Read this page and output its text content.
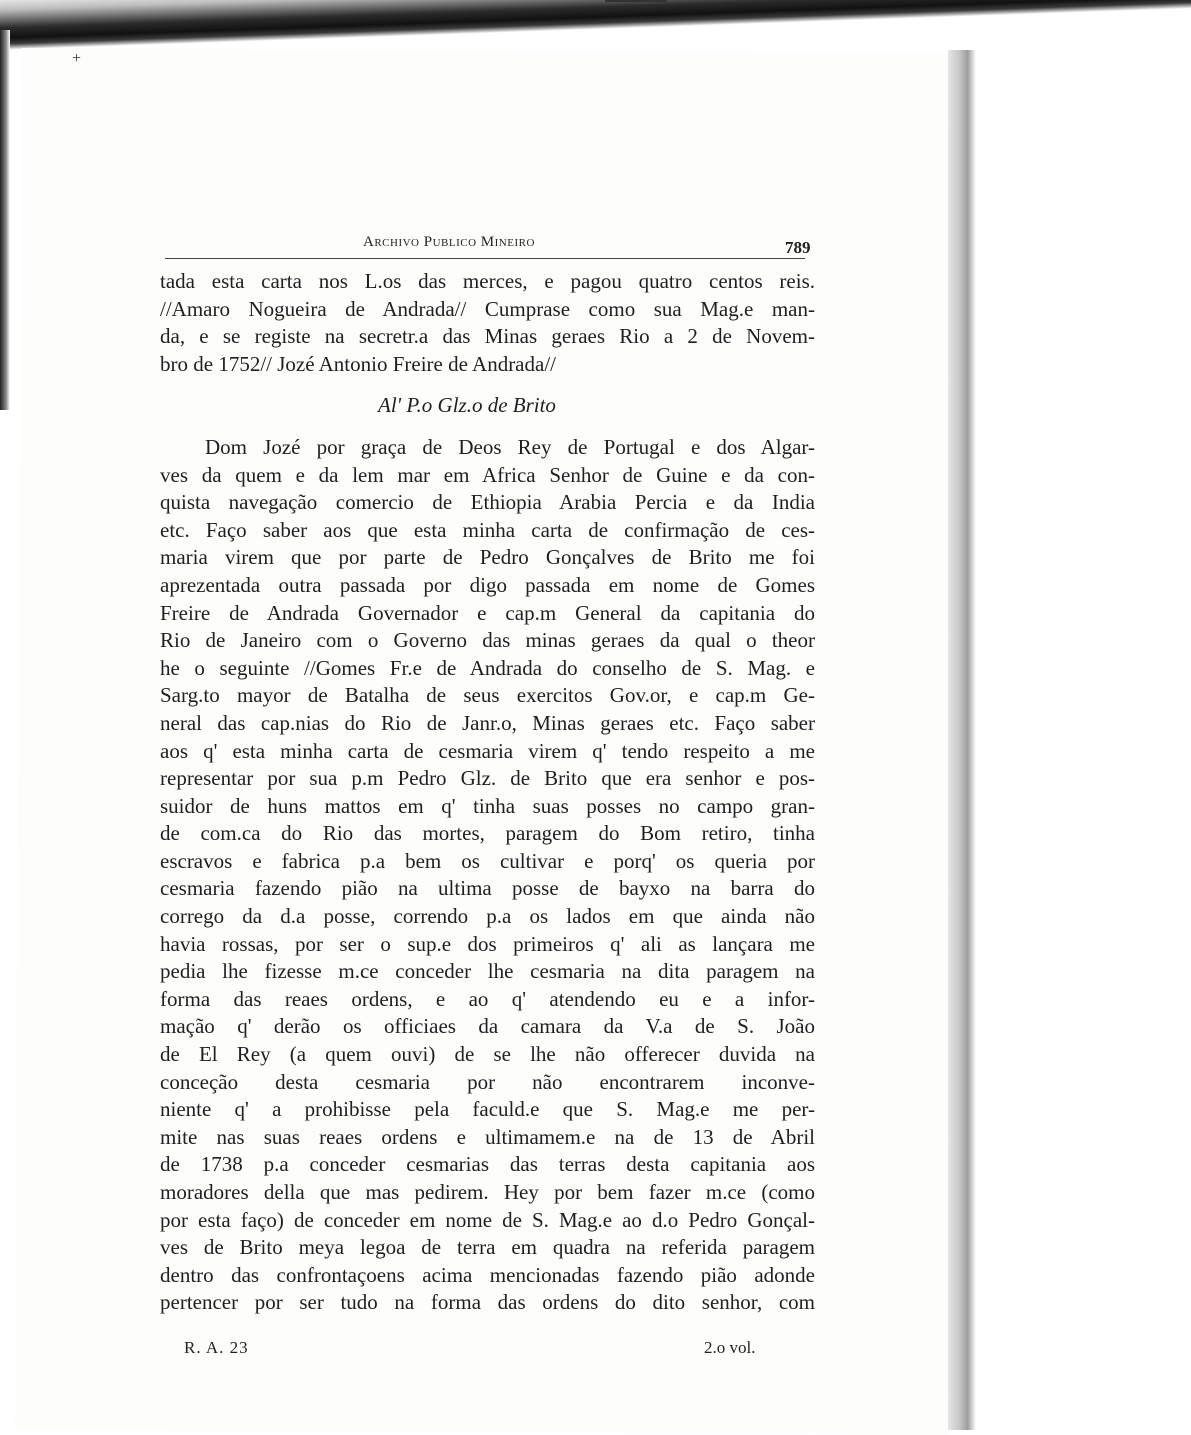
+
Archivo Publico Mineiro	789
tada esta carta nos L.os das merces, e pagou quatro centos reis.
//Amaro Nogueira de Andrada// Cumprase como sua Mag.e man-
da, e se registe na secretr.a das Minas geraes Rio a 2 de Novem-
bro de 1752// Jozé Antonio Freire de Andrada//
Al' P.o Glz.o de Brito
Dom Jozé por graça de Deos Rey de Portugal e dos Algar-
ves da quem e da lem mar em Africa Senhor de Guine e da con-
quista navegação comercio de Ethiopia Arabia Percia e da India
etc. Faço saber aos que esta minha carta de confirmação de ces-
maria virem que por parte de Pedro Gonçalves de Brito me foi
aprezentada outra passada por digo passada em nome de Gomes
Freire de Andrada Governador e cap.m General da capitania do
Rio de Janeiro com o Governo das minas geraes da qual o theor
he o seguinte //Gomes Fr.e de Andrada do conselho de S. Mag. e
Sarg.to mayor de Batalha de seus exercitos Gov.or, e cap.m Ge-
neral das cap.nias do Rio de Janr.o, Minas geraes etc. Faço saber
aos q' esta minha carta de cesmaria virem q' tendo respeito a me
representar por sua p.m Pedro Glz. de Brito que era senhor e pos-
suidor de huns mattos em q' tinha suas posses no campo gran-
de com.ca do Rio das mortes, paragem do Bom retiro, tinha
escravos e fabrica p.a bem os cultivar e porq' os queria por
cesmaria fazendo pião na ultima posse de bayxo na barra do
corrego da d.a posse, correndo p.a os lados em que ainda não
havia rossas, por ser o sup.e dos primeiros q' ali as lançara me
pedia lhe fizesse m.ce conceder lhe cesmaria na dita paragem na
forma das reaes ordens, e ao q' atendendo eu e a infor-
mação q' derão os officiaes da camara da V.a de S. João
de El Rey (a quem ouvi) de se lhe não offerecer duvida na
conceção desta cesmaria por não encontrarem inconve-
niente q' a prohibisse pela faculd.e que S. Mag.e me per-
mite nas suas reaes ordens e ultimamem.e na de 13 de Abril
de 1738 p.a conceder cesmarias das terras desta capitania aos
moradores della que mas pedirem. Hey por bem fazer m.ce (como
por esta faço) de conceder em nome de S. Mag.e ao d.o Pedro Gonçal-
ves de Brito meya legoa de terra em quadra na referida paragem
dentro das confrontaçoens acima mencionadas fazendo pião adonde
pertencer por ser tudo na forma das ordens do dito senhor, com
R. A. 23	2.o vol.
